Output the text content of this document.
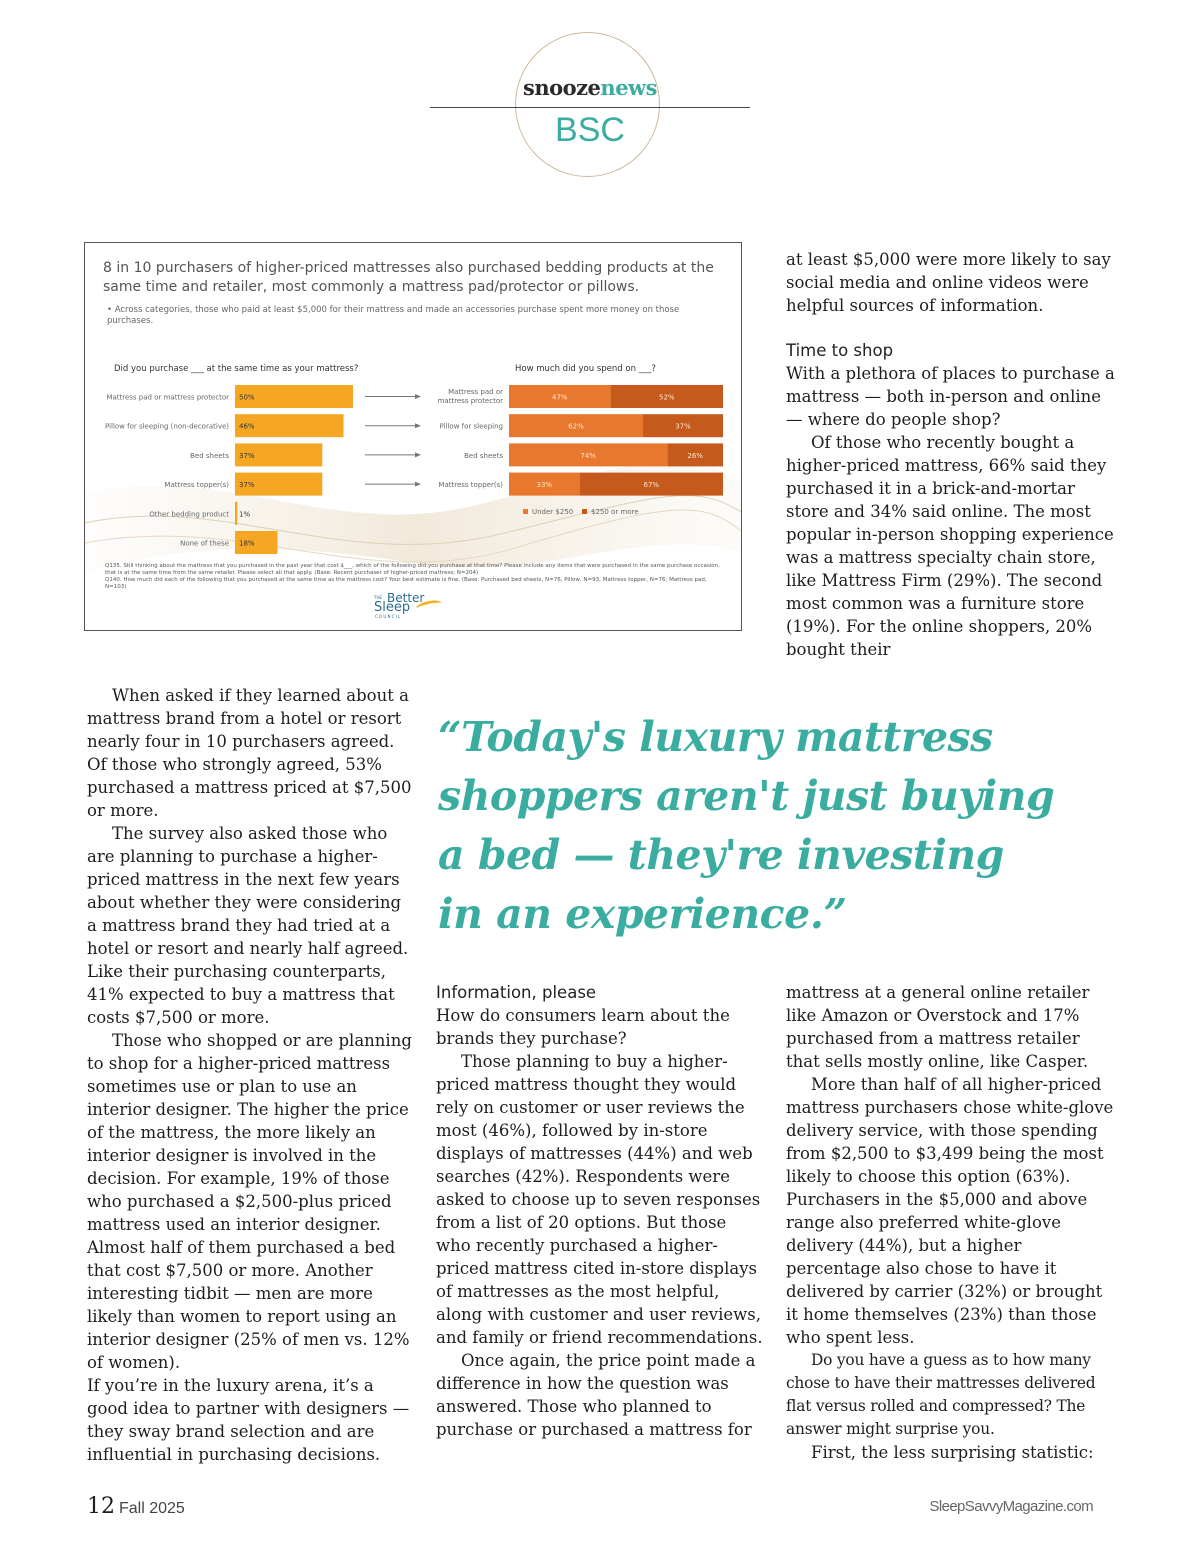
snoozenews
BSC
Mattress pad or mattress protector 50%
Pillow for sleeping (non-decorative) 46%
Bed sheets 37%
Mattress topper(s) 37%
Other bedding product 1%
None of these 18%
Mattress pad or
mattress protector	47%	52%
Pillow for sleeping	62%	37%
Bed sheets	74%	26%
Mattress topper(s)	33%	67%
Under $250	$250 or more
8 in 10 purchasers of higher-priced mattresses also purchased bedding products at the same time and retailer, most commonly a mattress pad/protector or pillows.
• Across categories, those who paid at least $5,000 for their mattress and made an accessories purchase spent more money on those purchases.
Did you purchase ___ at the same time as your mattress?	How much did you spend on ___?
Q135. Still thinking about the mattress that you purchased in the past year that cost $___, which of the following did you purchase at that time? Please include any items that were purchased in the same purchase occasion, that is at the same time from the same retailer. Please select all that apply. (Base: Recent purchaser of higher-priced mattress; N=204)
Q140. How much did each of the following that you purchased at the same time as the mattress cost? Your best estimate is fine. (Base: Purchased bed sheets, N=76, Pillow, N=93; Mattress topper, N=76; Mattress pad, N=103)
THE Better
Sleep
COUNCIL

at least $5,000 were more likely to say social media and online videos were helpful sources of information.

Time to shop

With a plethora of places to purchase a mattress — both in-person and online — where do people shop?

Of those who recently bought a higher-priced mattress, 66% said they purchased it in a brick-and-mortar store and 34% said online. The most popular in-person shopping experience was a mattress specialty chain store, like Mattress Firm (29%). The second most common was a furniture store (19%). For the online shoppers, 20% bought their

When asked if they learned about a mattress brand from a hotel or resort nearly four in 10 purchasers agreed. Of those who strongly agreed, 53% purchased a mattress priced at $7,500 or more.

The survey also asked those who are planning to purchase a higher-priced mattress in the next few years about whether they were considering a mattress brand they had tried at a hotel or resort and nearly half agreed. Like their purchasing counterparts, 41% expected to buy a mattress that costs $7,500 or more.

Those who shopped or are planning to shop for a higher-priced mattress sometimes use or plan to use an interior designer. The higher the price of the mattress, the more likely an interior designer is involved in the decision. For example, 19% of those who purchased a $2,500-plus priced mattress used an interior designer. Almost half of them purchased a bed that cost $7,500 or more. Another interesting tidbit — men are more likely than women to report using an interior designer (25% of men vs. 12% of women).

If you’re in the luxury arena, it’s a good idea to partner with designers — they sway brand selection and are influential in purchasing decisions.

“Today's luxury mattress shoppers aren't just buying a bed — they're investing in an experience.”
Information, please

How do consumers learn about the brands they purchase?

Those planning to buy a higher-priced mattress thought they would rely on customer or user reviews the most (46%), followed by in-store displays of mattresses (44%) and web searches (42%). Respondents were asked to choose up to seven responses from a list of 20 options. But those who recently purchased a higher-priced mattress cited in-store displays of mattresses as the most helpful, along with customer and user reviews, and family or friend recommendations.

Once again, the price point made a difference in how the question was answered. Those who planned to purchase or purchased a mattress for

mattress at a general online retailer like Amazon or Overstock and 17% purchased from a mattress retailer that sells mostly online, like Casper.

More than half of all higher-priced mattress purchasers chose white-glove delivery service, with those spending from $2,500 to $3,499 being the most likely to choose this option (63%). Purchasers in the $5,000 and above range also preferred white-glove delivery (44%), but a higher percentage also chose to have it delivered by carrier (32%) or brought it home themselves (23%) than those who spent less.

Do you have a guess as to how many chose to have their mattresses delivered flat versus rolled and compressed? The answer might surprise you.

First, the less surprising statistic:

12 Fall 2025	SleepSavvyMagazine.com
